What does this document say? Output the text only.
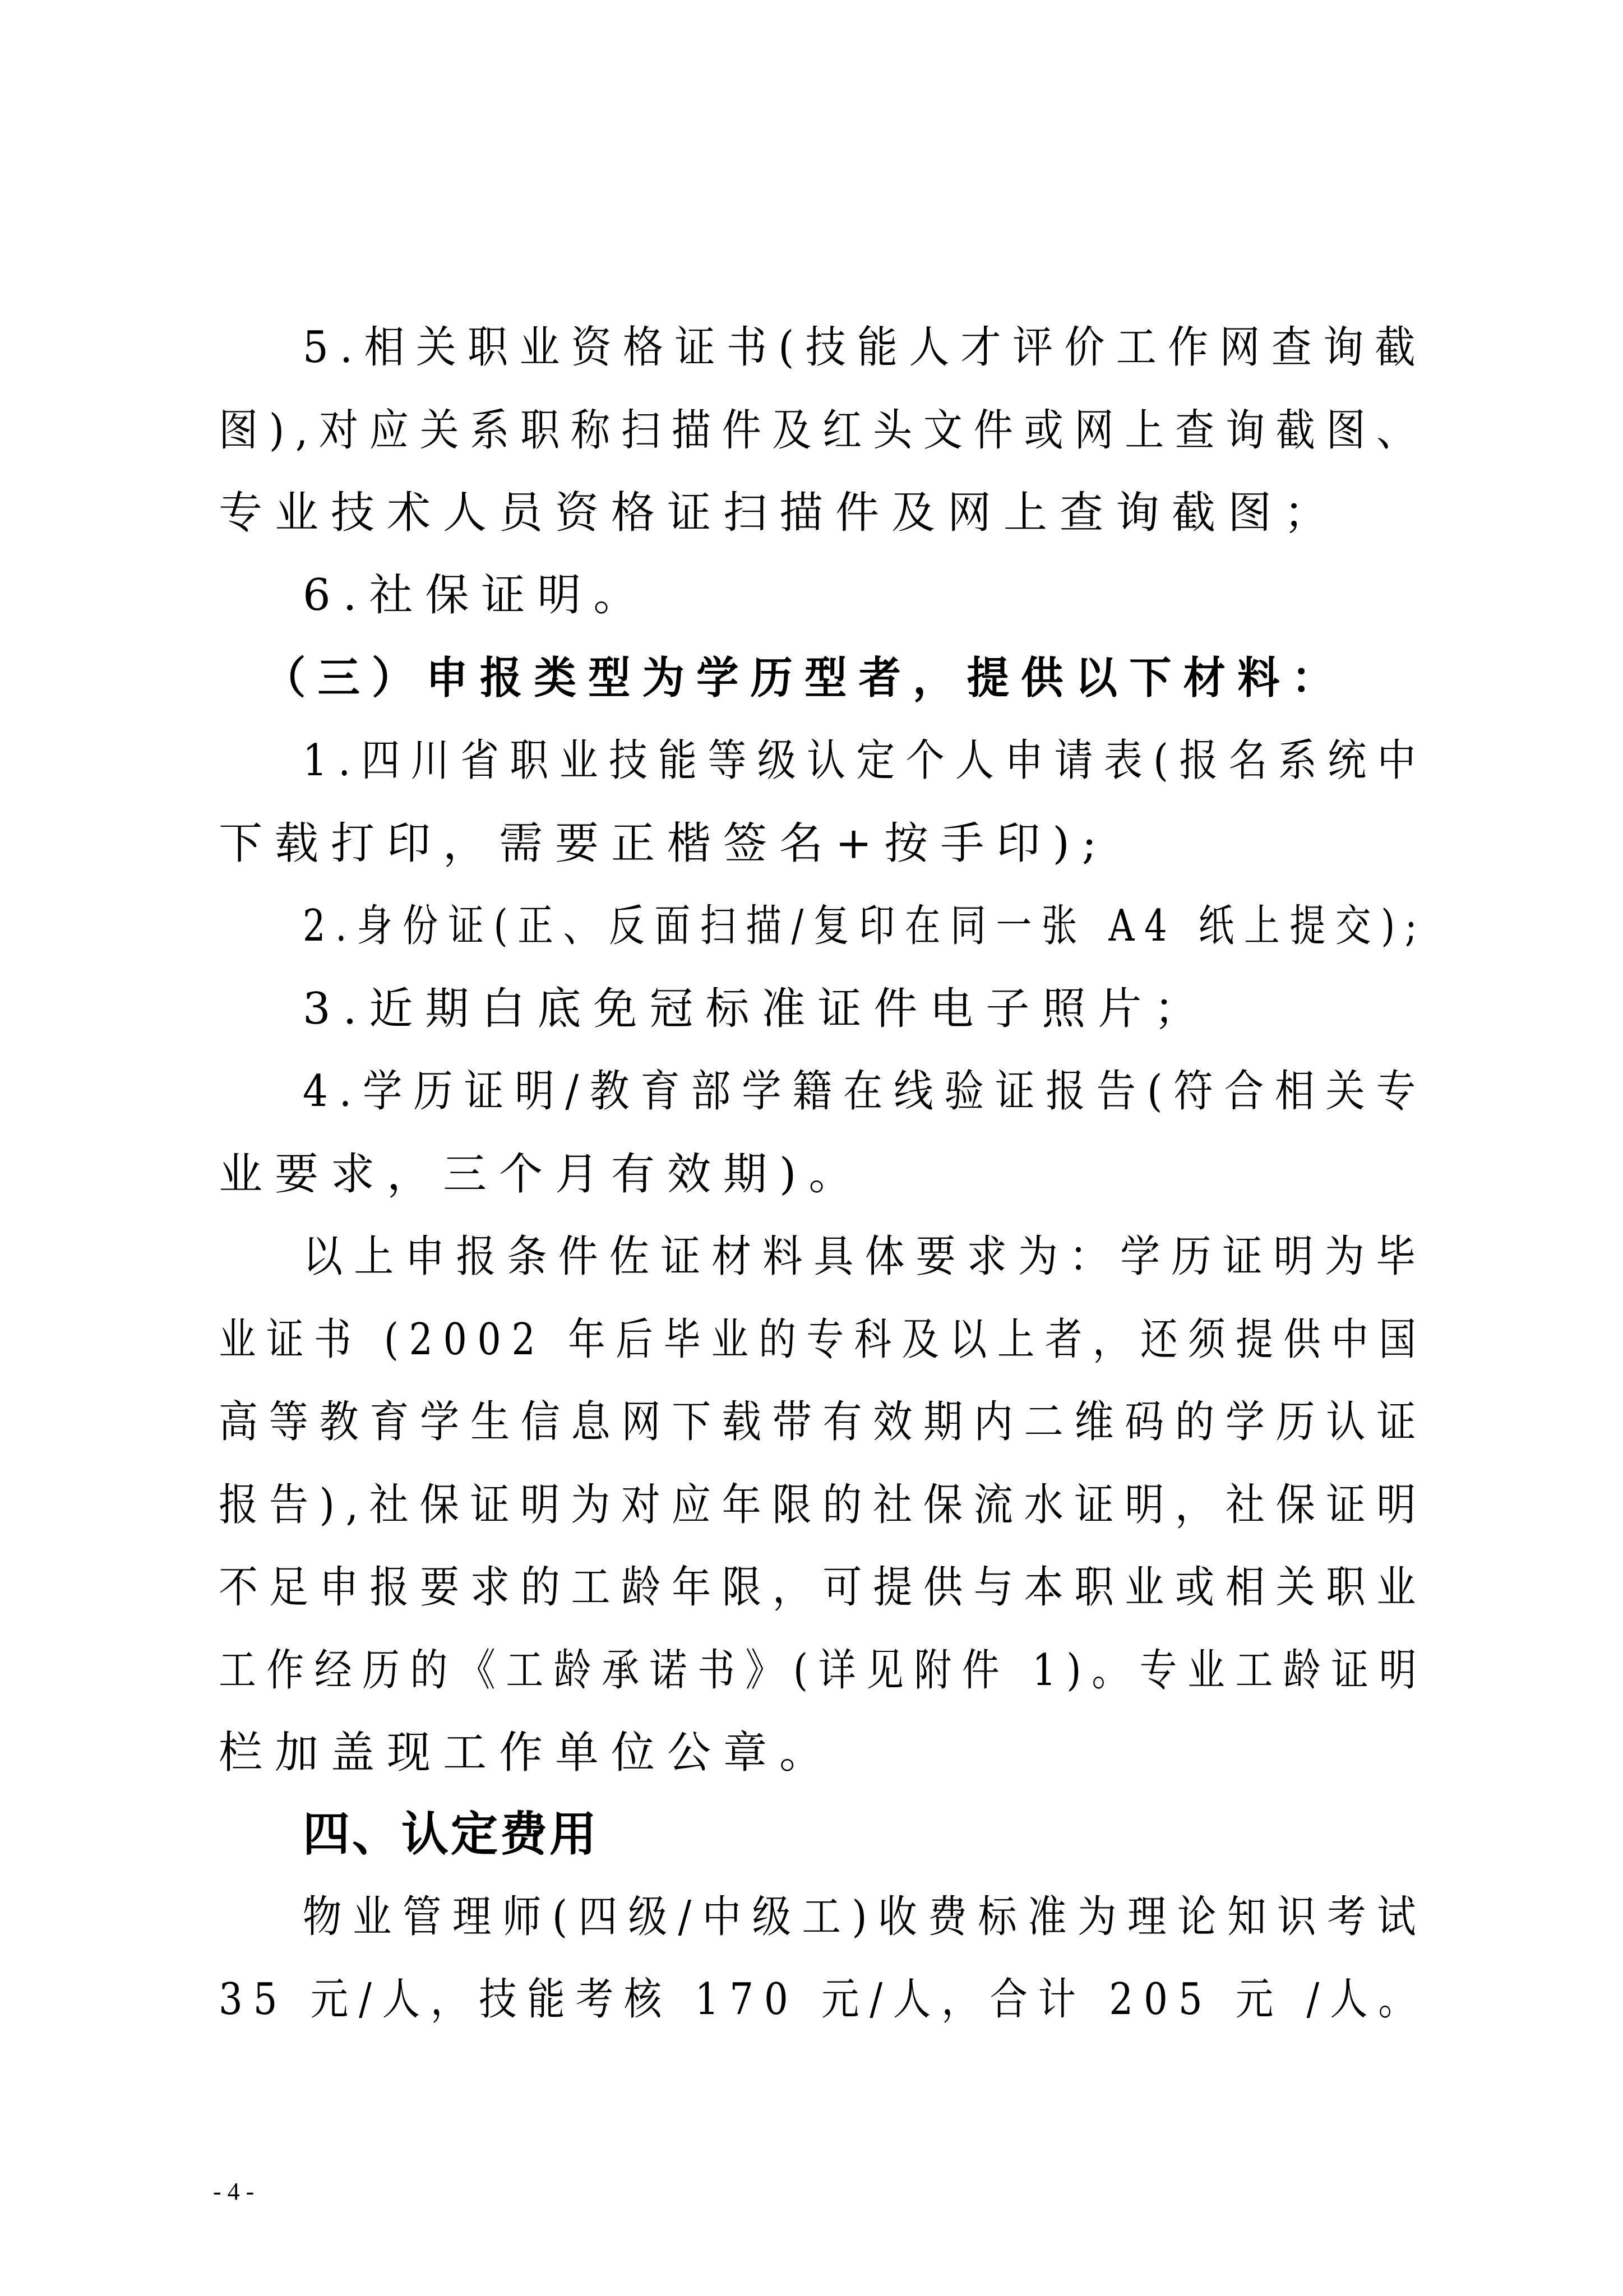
5.相关职业资格证书(技能人才评价工作网查询截
图),对应关系职称扫描件及红头文件或网上查询截图、
专业技术人员资格证扫描件及网上查询截图；
6.社保证明。
（三）申报类型为学历型者，提供以下材料：
1.四川省职业技能等级认定个人申请表(报名系统中
下载打印，需要正楷签名+按手印);
2.身份证(正、反面扫描/复印在同一张 A4 纸上提交);
3.近期白底免冠标准证件电子照片；
4.学历证明/教育部学籍在线验证报告(符合相关专
业要求，三个月有效期)。
以上申报条件佐证材料具体要求为：学历证明为毕
业证书 (2002 年后毕业的专科及以上者，还须提供中国
高等教育学生信息网下载带有效期内二维码的学历认证
报告),社保证明为对应年限的社保流水证明，社保证明
不足申报要求的工龄年限，可提供与本职业或相关职业
工作经历的《工龄承诺书》(详见附件 1)。专业工龄证明
栏加盖现工作单位公章。
四、认定费用
物业管理师(四级/中级工)收费标准为理论知识考试
35 元/人，技能考核 170 元/人，合计 205 元 /人。
- 4 -
